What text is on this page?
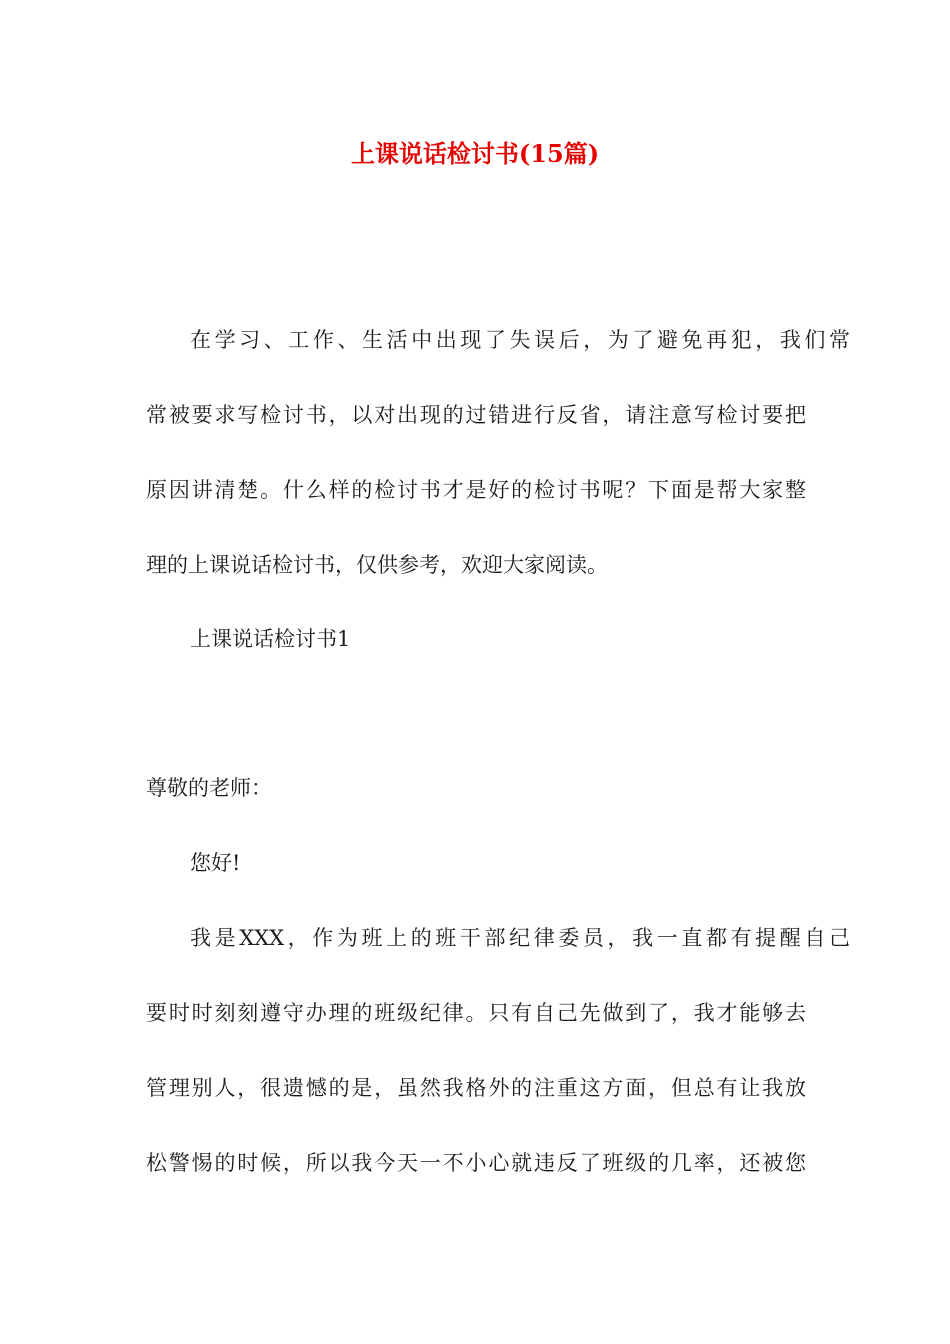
上课说话检讨书(15篇)
在学习、工作、生活中出现了失误后，为了避免再犯，我们常
常被要求写检讨书，以对出现的过错进行反省，请注意写检讨要把
原因讲清楚。什么样的检讨书才是好的检讨书呢？下面是帮大家整
理的上课说话检讨书，仅供参考，欢迎大家阅读。
上课说话检讨书1
尊敬的老师：
您好!
我是XXX，作为班上的班干部纪律委员，我一直都有提醒自己
要时时刻刻遵守办理的班级纪律。只有自己先做到了，我才能够去
管理别人，很遗憾的是，虽然我格外的注重这方面，但总有让我放
松警惕的时候，所以我今天一不小心就违反了班级的几率，还被您
